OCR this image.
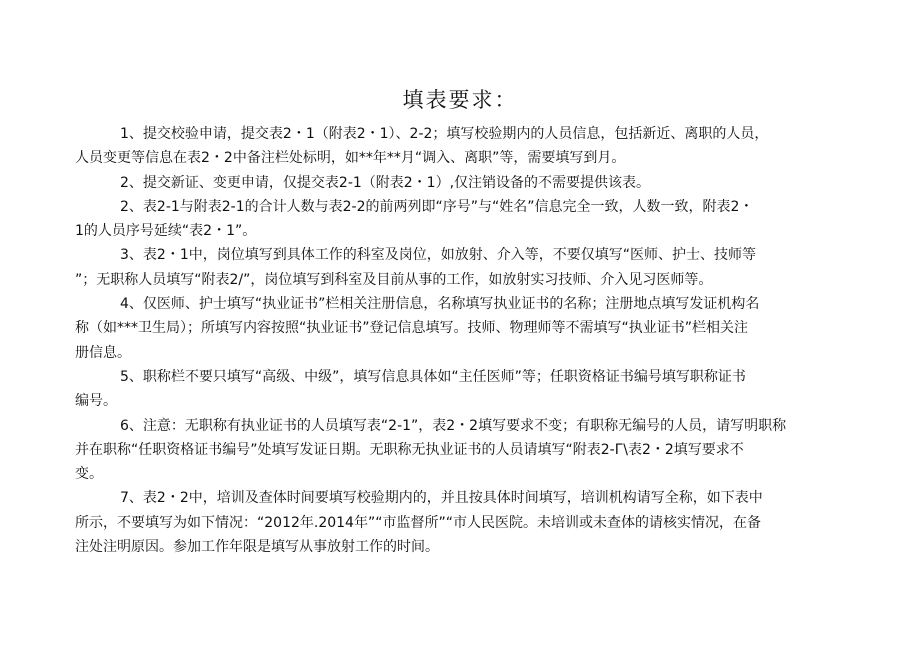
填表要求：

1、提交校验申请，提交表2・1（附表2・1）、2-2；填写校验期内的人员信息，包括新近、离职的人员，
人员变更等信息在表2・2中备注栏处标明，如**年**月“调入、离职”等，需要填写到月。

2、提交新证、变更申请，仅提交表2-1（附表2・1）,仅注销设备的不需要提供该表。

2、表2-1与附表2-1的合计人数与表2-2的前两列即“序号”与“姓名”信息完全一致，人数一致，附表2・
1的人员序号延续“表2・1”。

3、表2・1中，岗位填写到具体工作的科室及岗位，如放射、介入等，不要仅填写“医师、护士、技师等
”；无职称人员填写“附表2/”，岗位填写到科室及目前从事的工作，如放射实习技师、介入见习医师等。

4、仅医师、护士填写“执业证书”栏相关注册信息，名称填写执业证书的名称；注册地点填写发证机构名
称（如***卫生局）；所填写内容按照“执业证书”登记信息填写。技师、物理师等不需填写“执业证书”栏相关注
册信息。

5、职称栏不要只填写“高级、中级”，填写信息具体如“主任医师”等；任职资格证书编号填写职称证书
编号。

6、注意：无职称有执业证书的人员填写表“2-1”，表2・2填写要求不变；有职称无编号的人员，请写明职称
并在职称“任职资格证书编号”处填写发证日期。无职称无执业证书的人员请填写“附表2-Г\表2・2填写要求不
变。

7、表2・2中，培训及查体时间要填写校验期内的，并且按具体时间填写，培训机构请写全称，如下表中
所示，不要填写为如下情况：“2012年.2014年”“市监督所”“市人民医院。未培训或未查体的请核实情况，在备
注处注明原因。参加工作年限是填写从事放射工作的时间。
